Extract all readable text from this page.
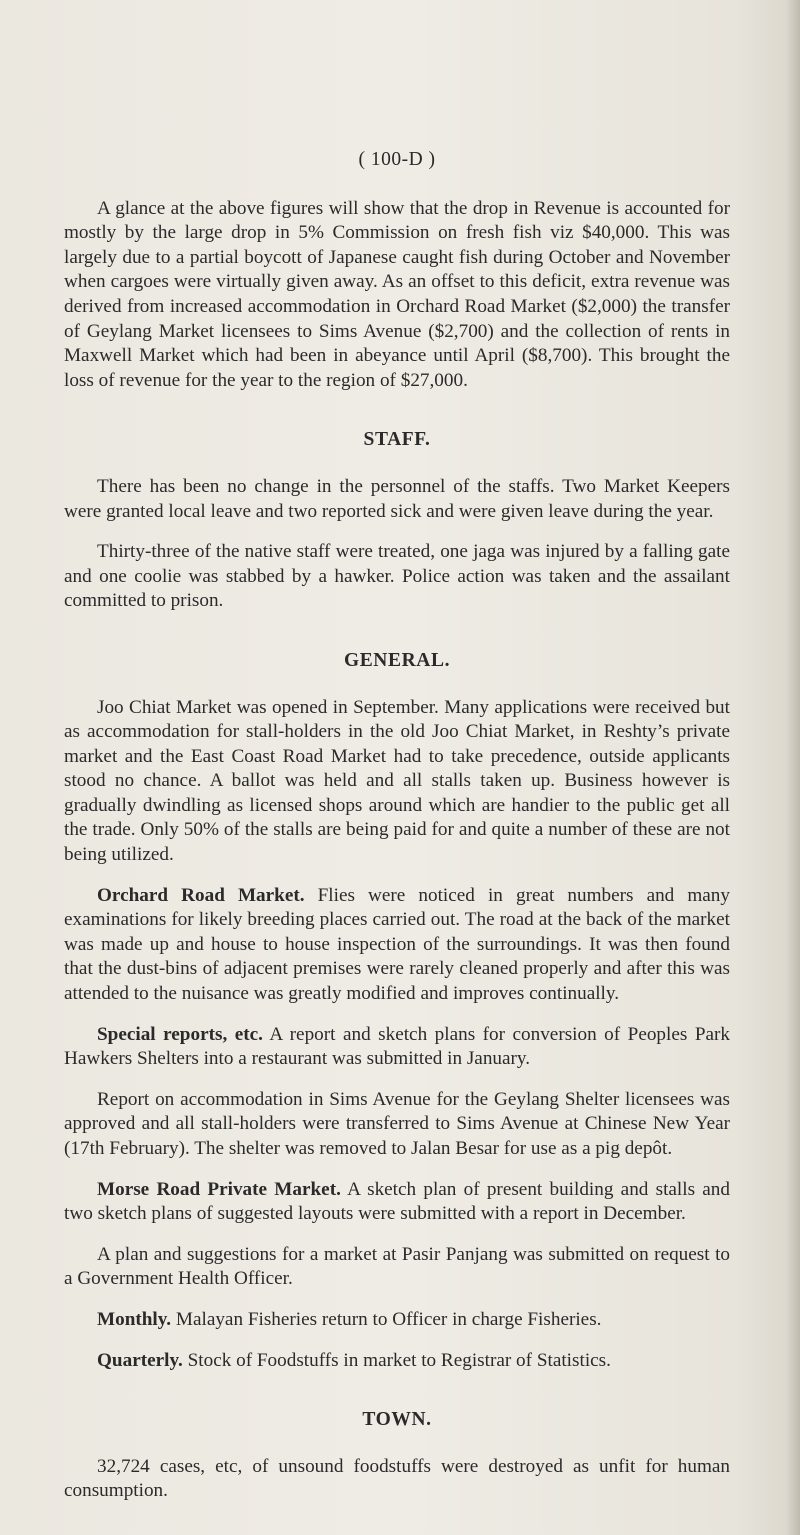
( 100-D )

A glance at the above figures will show that the drop in Revenue is accounted for mostly by the large drop in 5% Commission on fresh fish viz $40,000. This was largely due to a partial boycott of Japanese caught fish during October and November when cargoes were virtually given away. As an offset to this deficit, extra revenue was derived from increased accommodation in Orchard Road Market ($2,000) the transfer of Geylang Market licensees to Sims Avenue ($2,700) and the collection of rents in Maxwell Market which had been in abeyance until April ($8,700). This brought the loss of revenue for the year to the region of $27,000.

STAFF.

There has been no change in the personnel of the staffs. Two Market Keepers were granted local leave and two reported sick and were given leave during the year.

Thirty-three of the native staff were treated, one jaga was injured by a falling gate and one coolie was stabbed by a hawker. Police action was taken and the assailant committed to prison.

GENERAL.

Joo Chiat Market was opened in September. Many applications were received but as accommodation for stall-holders in the old Joo Chiat Market, in Reshty’s private market and the East Coast Road Market had to take precedence, outside applicants stood no chance. A ballot was held and all stalls taken up. Business however is gradually dwindling as licensed shops around which are handier to the public get all the trade. Only 50% of the stalls are being paid for and quite a number of these are not being utilized.

Orchard Road Market. Flies were noticed in great numbers and many examinations for likely breeding places carried out. The road at the back of the market was made up and house to house inspection of the surroundings. It was then found that the dust-bins of adjacent premises were rarely cleaned properly and after this was attended to the nuisance was greatly modified and improves continually.

Special reports, etc. A report and sketch plans for conversion of Peoples Park Hawkers Shelters into a restaurant was submitted in January.

Report on accommodation in Sims Avenue for the Geylang Shelter licensees was approved and all stall-holders were transferred to Sims Avenue at Chinese New Year (17th February). The shelter was removed to Jalan Besar for use as a pig depôt.

Morse Road Private Market. A sketch plan of present building and stalls and two sketch plans of suggested layouts were submitted with a report in December.

A plan and suggestions for a market at Pasir Panjang was submitted on request to a Government Health Officer.

Monthly. Malayan Fisheries return to Officer in charge Fisheries.

Quarterly. Stock of Foodstuffs in market to Registrar of Statistics.

TOWN.

32,724 cases, etc, of unsound foodstuffs were destroyed as unfit for human consumption.
